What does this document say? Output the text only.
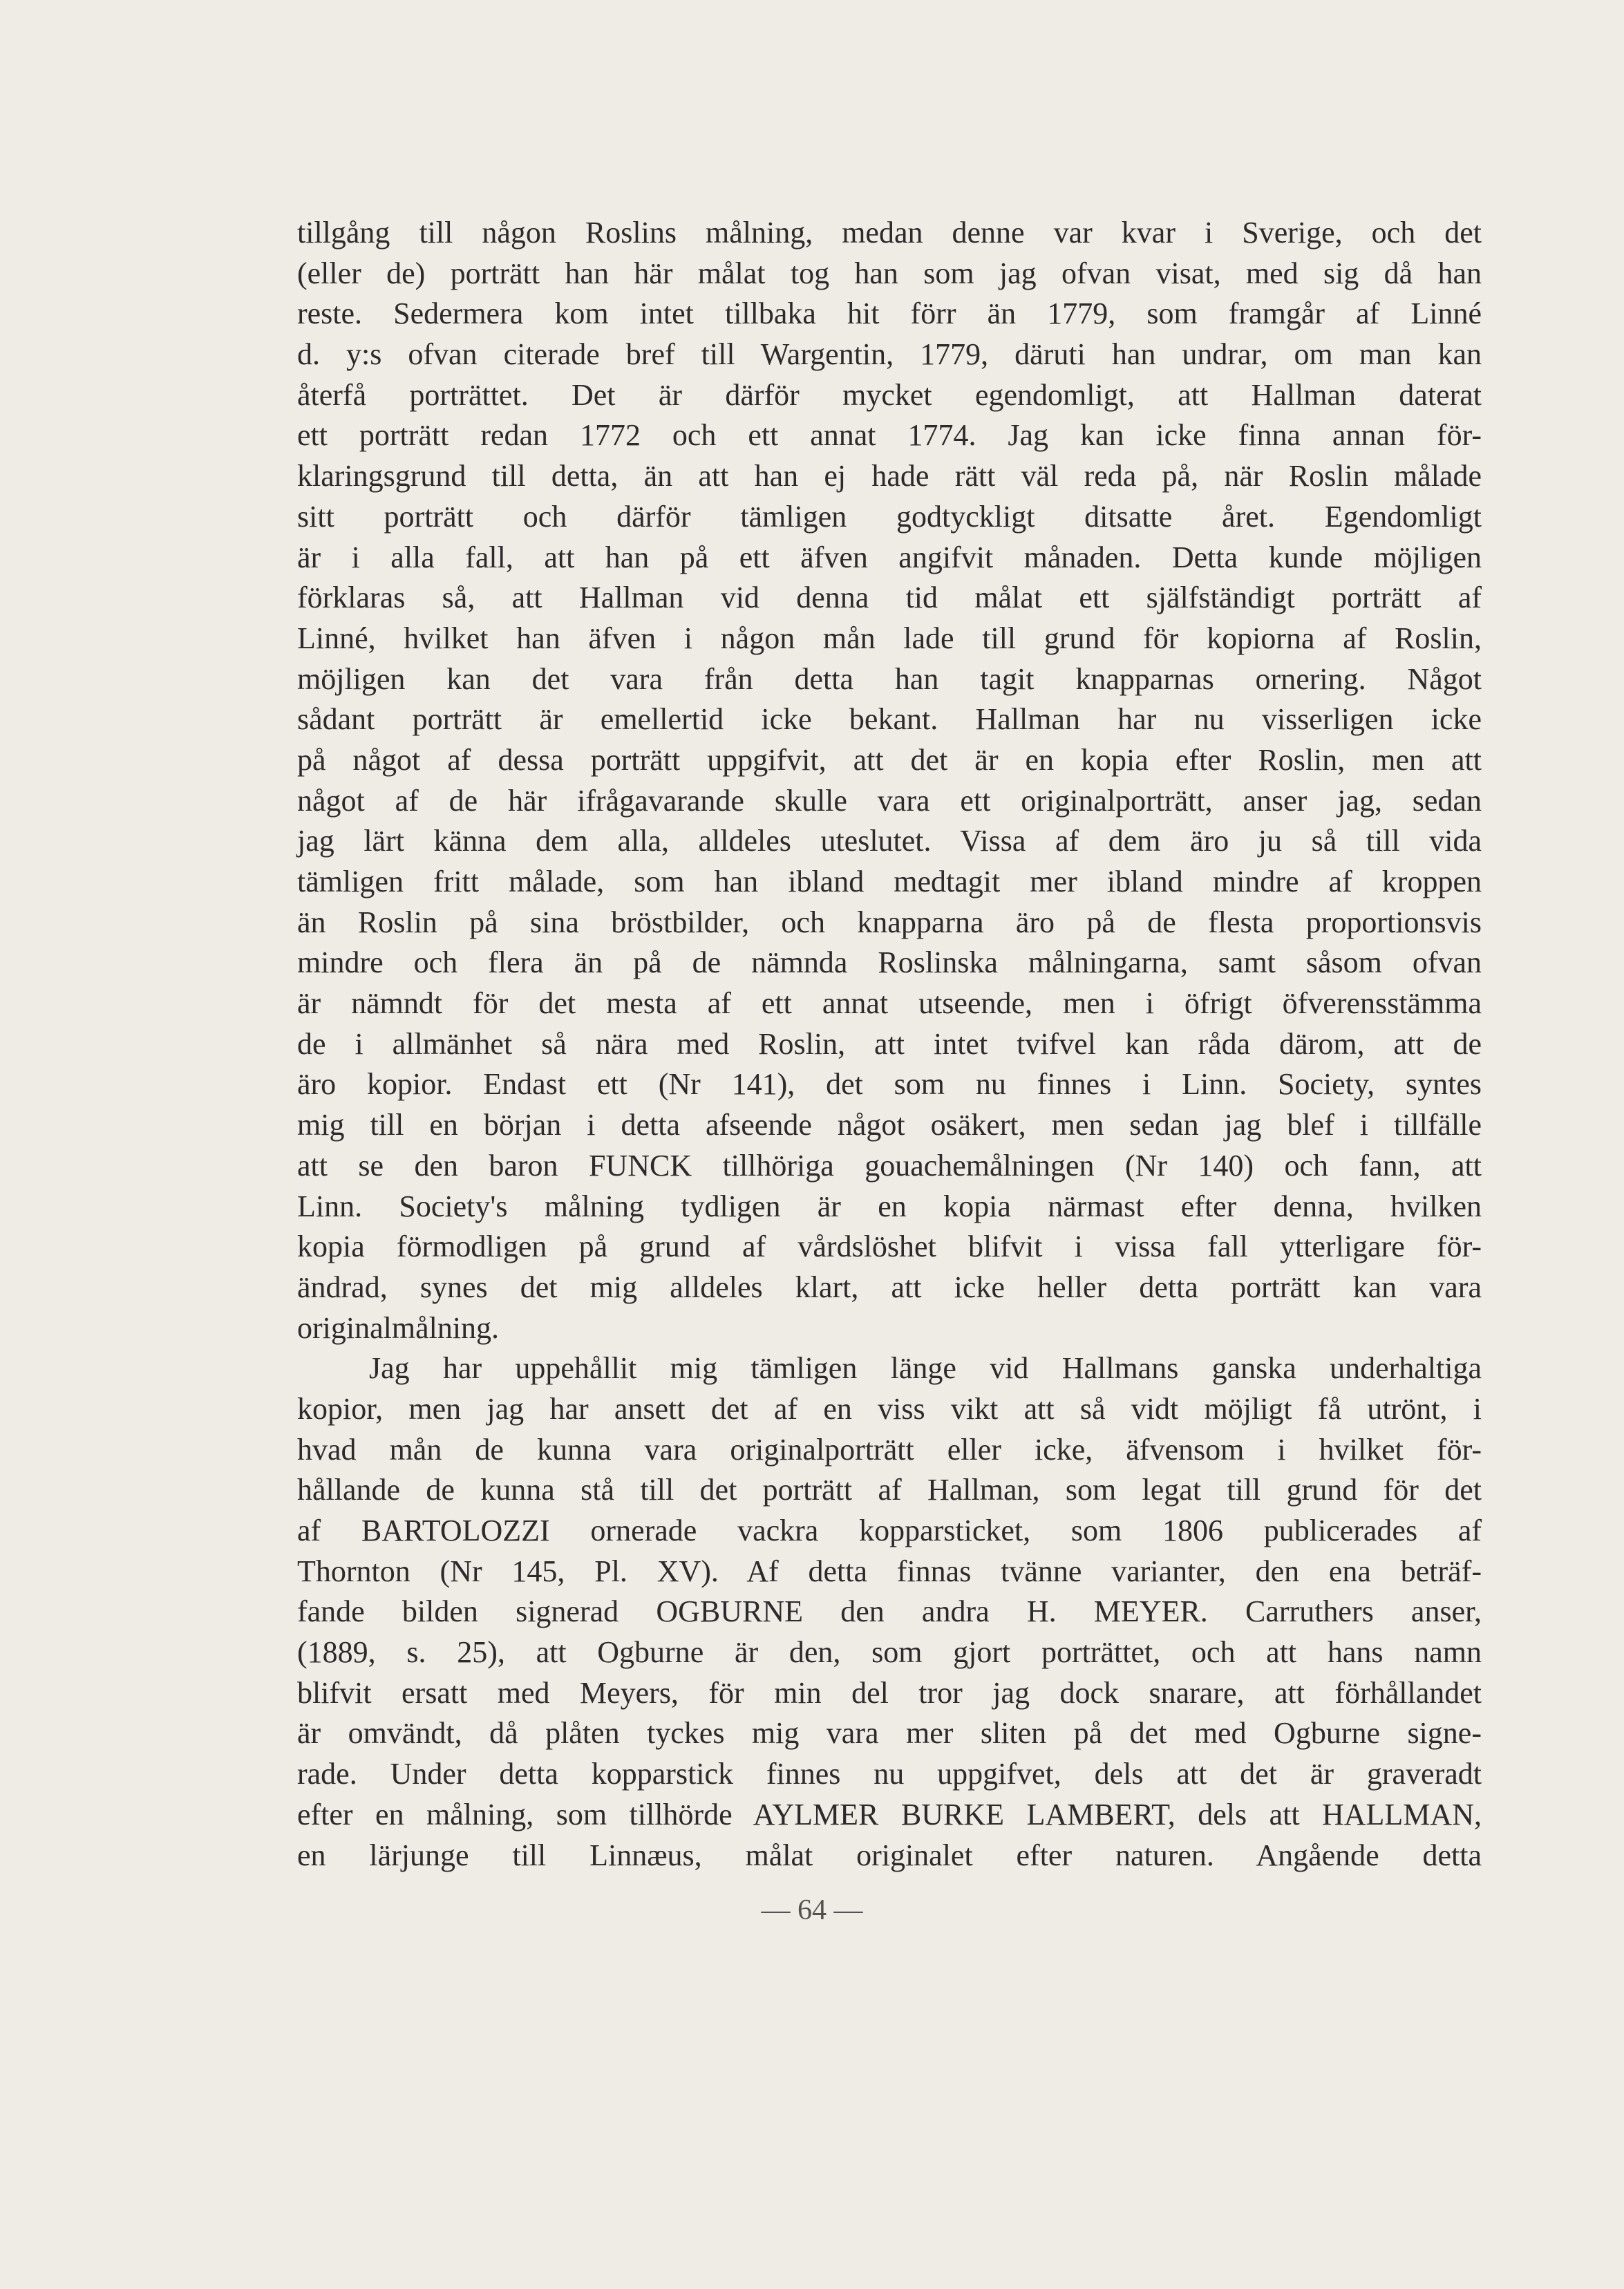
tillgång till någon Roslins målning, medan denne var kvar i Sverige, och det
(eller de) porträtt han här målat tog han som jag ofvan visat, med sig då han
reste. Sedermera kom intet tillbaka hit förr än 1779, som framgår af Linné
d. y:s ofvan citerade bref till Wargentin, 1779, däruti han undrar, om man kan
återfå porträttet. Det är därför mycket egendomligt, att Hallman daterat
ett porträtt redan 1772 och ett annat 1774. Jag kan icke finna annan för-
klaringsgrund till detta, än att han ej hade rätt väl reda på, när Roslin målade
sitt porträtt och därför tämligen godtyckligt ditsatte året. Egendomligt
är i alla fall, att han på ett äfven angifvit månaden. Detta kunde möjligen
förklaras så, att Hallman vid denna tid målat ett själfständigt porträtt af
Linné, hvilket han äfven i någon mån lade till grund för kopiorna af Roslin,
möjligen kan det vara från detta han tagit knapparnas ornering. Något
sådant porträtt är emellertid icke bekant. Hallman har nu visserligen icke
på något af dessa porträtt uppgifvit, att det är en kopia efter Roslin, men att
något af de här ifrågavarande skulle vara ett originalporträtt, anser jag, sedan
jag lärt känna dem alla, alldeles uteslutet. Vissa af dem äro ju så till vida
tämligen fritt målade, som han ibland medtagit mer ibland mindre af kroppen
än Roslin på sina bröstbilder, och knapparna äro på de flesta proportionsvis
mindre och flera än på de nämnda Roslinska målningarna, samt såsom ofvan
är nämndt för det mesta af ett annat utseende, men i öfrigt öfverensstämma
de i allmänhet så nära med Roslin, att intet tvifvel kan råda därom, att de
äro kopior. Endast ett (Nr 141), det som nu finnes i Linn. Society, syntes
mig till en början i detta afseende något osäkert, men sedan jag blef i tillfälle
att se den baron FUNCK tillhöriga gouachemålningen (Nr 140) och fann, att
Linn. Society's målning tydligen är en kopia närmast efter denna, hvilken
kopia förmodligen på grund af vårdslöshet blifvit i vissa fall ytterligare för-
ändrad, synes det mig alldeles klart, att icke heller detta porträtt kan vara
originalmålning.
Jag har uppehållit mig tämligen länge vid Hallmans ganska underhaltiga
kopior, men jag har ansett det af en viss vikt att så vidt möjligt få utrönt, i
hvad mån de kunna vara originalporträtt eller icke, äfvensom i hvilket för-
hållande de kunna stå till det porträtt af Hallman, som legat till grund för det
af BARTOLOZZI ornerade vackra kopparsticket, som 1806 publicerades af
Thornton (Nr 145, Pl. XV). Af detta finnas tvänne varianter, den ena beträf-
fande bilden signerad OGBURNE den andra H. MEYER. Carruthers anser,
(1889, s. 25), att Ogburne är den, som gjort porträttet, och att hans namn
blifvit ersatt med Meyers, för min del tror jag dock snarare, att förhållandet
är omvändt, då plåten tyckes mig vara mer sliten på det med Ogburne signe-
rade. Under detta kopparstick finnes nu uppgifvet, dels att det är graveradt
efter en målning, som tillhörde AYLMER BURKE LAMBERT, dels att HALLMAN,
en lärjunge till Linnæus, målat originalet efter naturen. Angående detta
— 64 —
